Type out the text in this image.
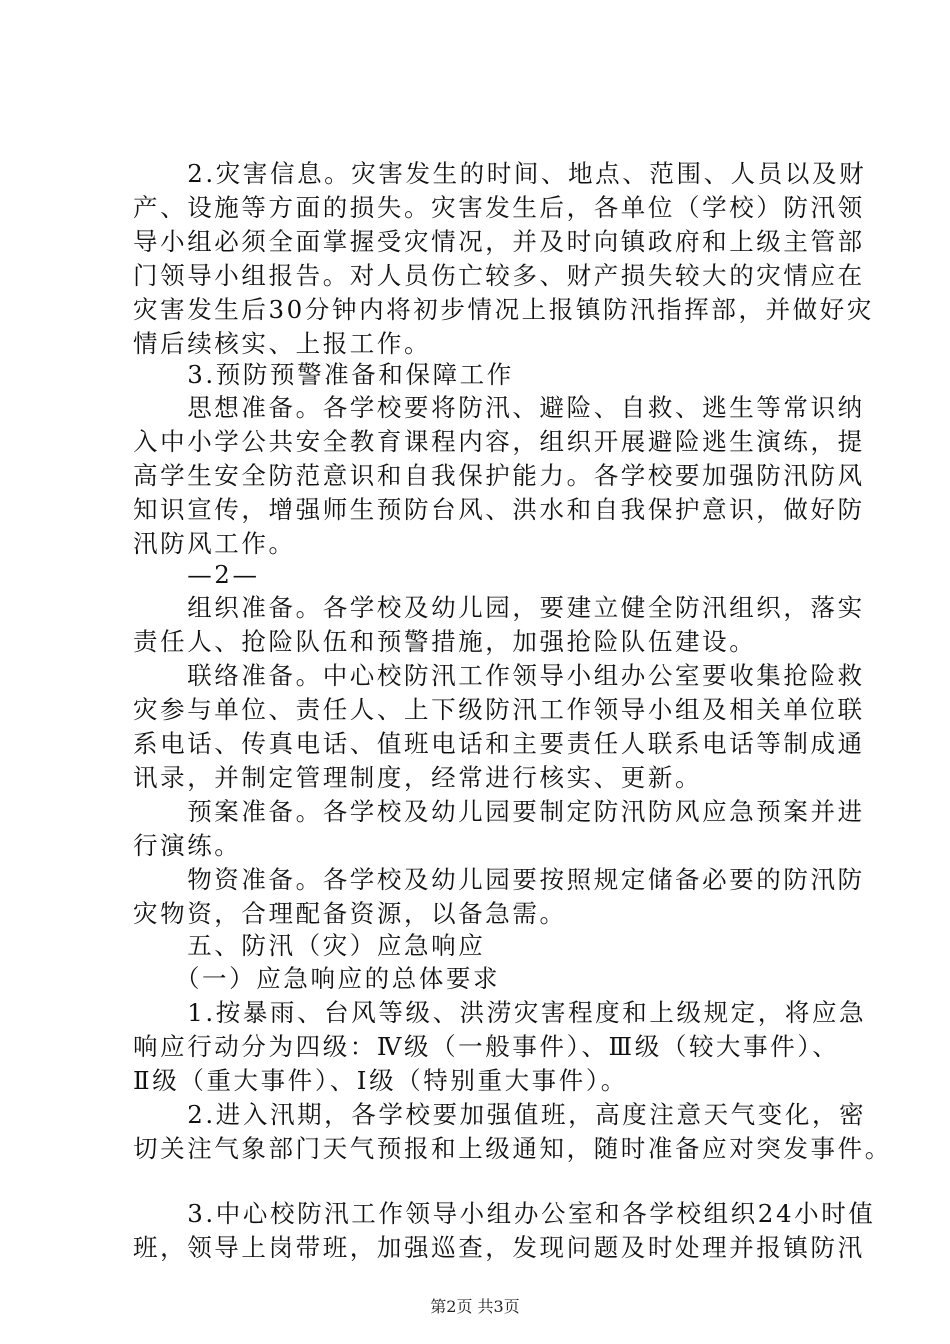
　　2.灾害信息。灾害发生的时间、地点、范围、人员以及财
产、设施等方面的损失。灾害发生后，各单位（学校）防汛领
导小组必须全面掌握受灾情况，并及时向镇政府和上级主管部
门领导小组报告。对人员伤亡较多、财产损失较大的灾情应在
灾害发生后30分钟内将初步情况上报镇防汛指挥部，并做好灾
情后续核实、上报工作。
　　3.预防预警准备和保障工作
　　思想准备。各学校要将防汛、避险、自救、逃生等常识纳
入中小学公共安全教育课程内容，组织开展避险逃生演练，提
高学生安全防范意识和自我保护能力。各学校要加强防汛防风
知识宣传，增强师生预防台风、洪水和自我保护意识，做好防
汛防风工作。
　　—2—
　　组织准备。各学校及幼儿园，要建立健全防汛组织，落实
责任人、抢险队伍和预警措施，加强抢险队伍建设。
　　联络准备。中心校防汛工作领导小组办公室要收集抢险救
灾参与单位、责任人、上下级防汛工作领导小组及相关单位联
系电话、传真电话、值班电话和主要责任人联系电话等制成通
讯录，并制定管理制度，经常进行核实、更新。
　　预案准备。各学校及幼儿园要制定防汛防风应急预案并进
行演练。
　　物资准备。各学校及幼儿园要按照规定储备必要的防汛防
灾物资，合理配备资源，以备急需。
　　五、防汛（灾）应急响应
　　（一）应急响应的总体要求
　　1.按暴雨、台风等级、洪涝灾害程度和上级规定，将应急
响应行动分为四级：Ⅳ级（一般事件）、Ⅲ级（较大事件）、
Ⅱ级（重大事件）、Ⅰ级（特别重大事件）。
　　2.进入汛期，各学校要加强值班，高度注意天气变化，密
切关注气象部门天气预报和上级通知，随时准备应对突发事件。
　　3.中心校防汛工作领导小组办公室和各学校组织24小时值
班，领导上岗带班，加强巡查，发现问题及时处理并报镇防汛
第2页 共3页
